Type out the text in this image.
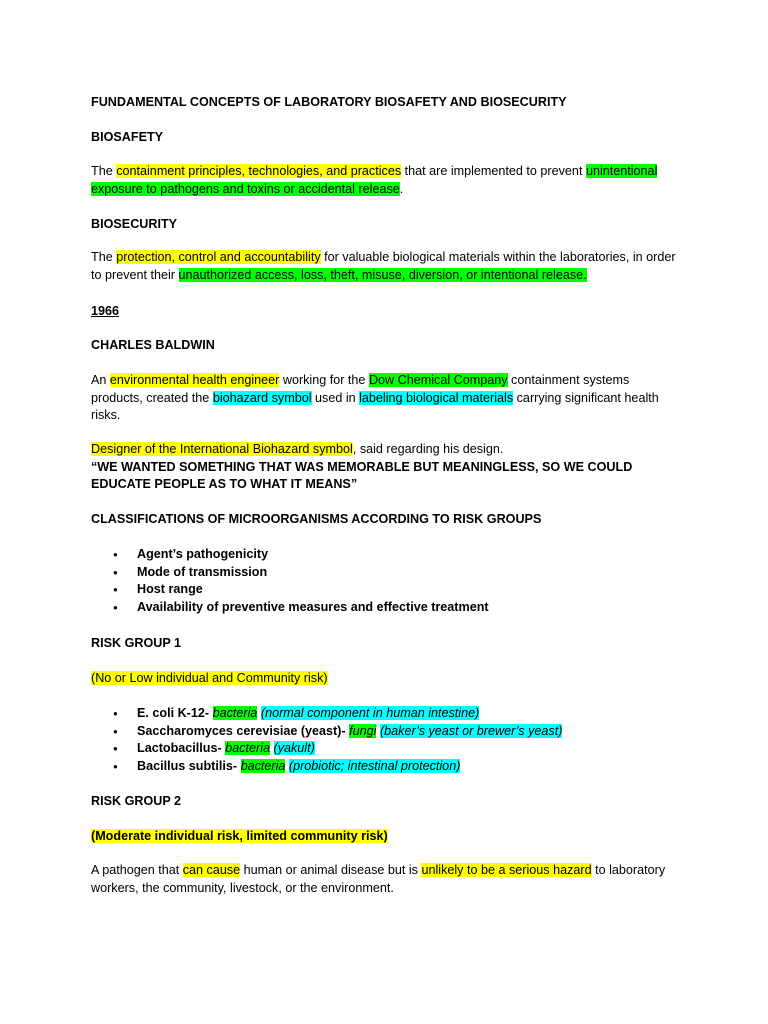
FUNDAMENTAL CONCEPTS OF LABORATORY BIOSAFETY AND BIOSECURITY

BIOSAFETY

The containment principles, technologies, and practices that are implemented to prevent unintentional exposure to pathogens and toxins or accidental release.

BIOSECURITY

The protection, control and accountability for valuable biological materials within the laboratories, in order to prevent their unauthorized access, loss, theft, misuse, diversion, or intentional release.

1966

CHARLES BALDWIN

An environmental health engineer working for the Dow Chemical Company containment systems products, created the biohazard symbol used in labeling biological materials carrying significant health risks.

Designer of the International Biohazard symbol, said regarding his design.
“WE WANTED SOMETHING THAT WAS MEMORABLE BUT MEANINGLESS, SO WE COULD EDUCATE PEOPLE AS TO WHAT IT MEANS”

CLASSIFICATIONS OF MICROORGANISMS ACCORDING TO RISK GROUPS

● Agent’s pathogenicity
● Mode of transmission
● Host range
● Availability of preventive measures and effective treatment

RISK GROUP 1

(No or Low individual and Community risk)

● E. coli K-12- bacteria (normal component in human intestine)
● Saccharomyces cerevisiae (yeast)- fungi (baker’s yeast or brewer’s yeast)
● Lactobacillus- bacteria (yakult)
● Bacillus subtilis- bacteria (probiotic; intestinal protection)

RISK GROUP 2

(Moderate individual risk, limited community risk)

A pathogen that can cause human or animal disease but is unlikely to be a serious hazard to laboratory workers, the community, livestock, or the environment.
